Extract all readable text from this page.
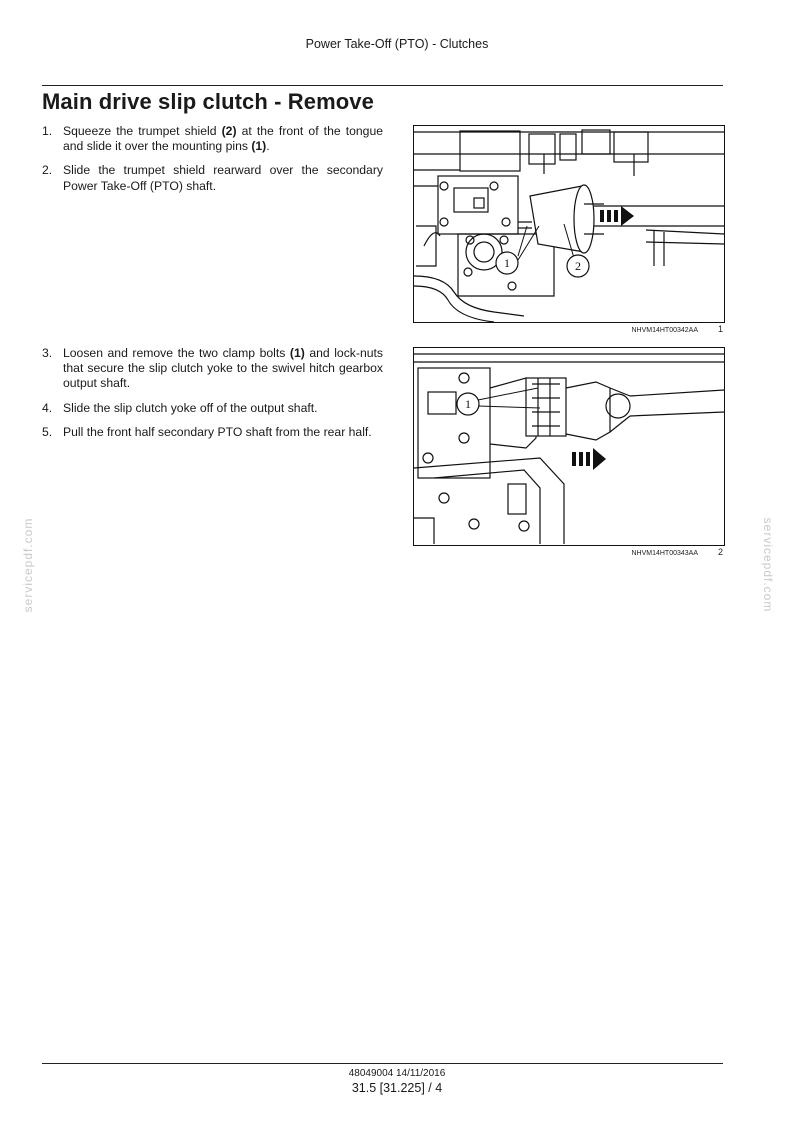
Power Take-Off (PTO) - Clutches
Main drive slip clutch - Remove
1. Squeeze the trumpet shield (2) at the front of the tongue and slide it over the mounting pins (1).
2. Slide the trumpet shield rearward over the secondary Power Take-Off (PTO) shaft.
3. Loosen and remove the two clamp bolts (1) and lock-nuts that secure the slip clutch yoke to the swivel hitch gearbox output shaft.
4. Slide the slip clutch yoke off of the output shaft.
5. Pull the front half secondary PTO shaft from the rear half.
1	2
NHVM14HT00342AA 1
1
NHVM14HT00343AA 2
servicepdf.com	servicepdf.com
48049004 14/11/2016
31.5 [31.225] / 4
